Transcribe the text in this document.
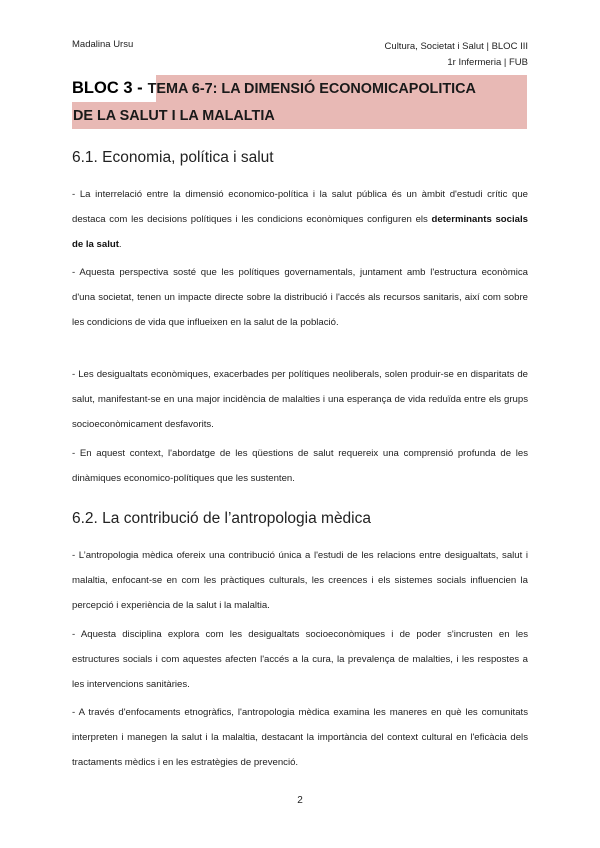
Madalina Ursu	Cultura, Societat i Salut | BLOC III
1r Infermeria | FUB
BLOC 3 - TEMA 6-7: LA DIMENSIÓ ECONOMICAPOLITICA
DE LA SALUT I LA MALALTIA
6.1. Economia, política i salut
- La interrelació entre la dimensió economico-política i la salut pública és un àmbit d'estudi crític que destaca com les decisions polítiques i les condicions econòmiques configuren els determinants socials de la salut.
- Aquesta perspectiva sosté que les polítiques governamentals, juntament amb l'estructura econòmica d'una societat, tenen un impacte directe sobre la distribució i l'accés als recursos sanitaris, així com sobre les condicions de vida que influeixen en la salut de la població.
- Les desigualtats econòmiques, exacerbades per polítiques neoliberals, solen produir-se en disparitats de salut, manifestant-se en una major incidència de malalties i una esperança de vida reduïda entre els grups socioeconòmicament desfavorits.
- En aquest context, l'abordatge de les qüestions de salut requereix una comprensió profunda de les dinàmiques economico-polítiques que les sustenten.
6.2. La contribució de l’antropologia mèdica
- L’antropologia mèdica ofereix una contribució única a l'estudi de les relacions entre desigualtats, salut i malaltia, enfocant-se en com les pràctiques culturals, les creences i els sistemes socials influencien la percepció i experiència de la salut i la malaltia.
- Aquesta disciplina explora com les desigualtats socioeconòmiques i de poder s'incrusten en les estructures socials i com aquestes afecten l'accés a la cura, la prevalença de malalties, i les respostes a les intervencions sanitàries.
- A través d'enfocaments etnogràfics, l'antropologia mèdica examina les maneres en què les comunitats interpreten i manegen la salut i la malaltia, destacant la importància del context cultural en l'eficàcia dels tractaments mèdics i en les estratègies de prevenció.
2
